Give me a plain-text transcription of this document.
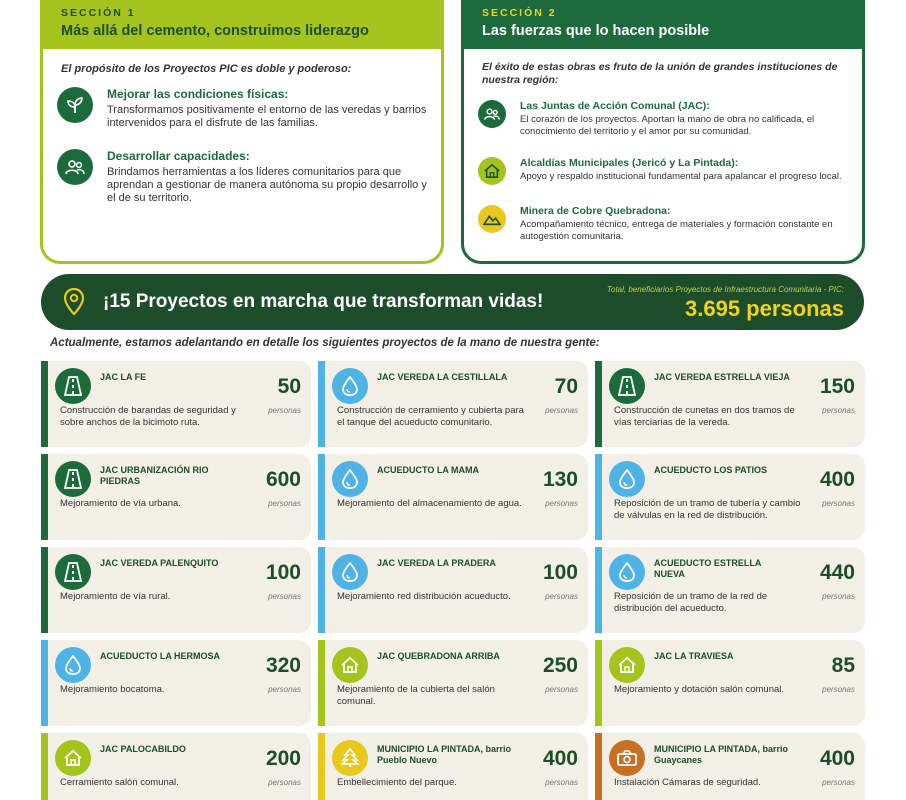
SECCIÓN 1
Más allá del cemento, construimos liderazgo
El propósito de los Proyectos PIC es doble y poderoso:
Mejorar las condiciones físicas:
Transformamos positivamente el entorno de las veredas y barrios intervenidos para el disfrute de las familias.
Desarrollar capacidades:
Brindamos herramientas a los líderes comunitarios para que aprendan a gestionar de manera autónoma su propio desarrollo y el de su territorio.
SECCIÓN 2
Las fuerzas que lo hacen posible
El éxito de estas obras es fruto de la unión de grandes instituciones de nuestra región:
Las Juntas de Acción Comunal (JAC):
El corazón de los proyectos. Aportan la mano de obra no calificada, el conocimiento del territorio y el amor por su comunidad.
Alcaldías Municipales (Jericó y La Pintada):
Apoyo y respaldo institucional fundamental para apalancar el progreso local.
Minera de Cobre Quebradona:
Acompañamiento técnico, entrega de materiales y formación constante en autogestión comunitaria.
¡15 Proyectos en marcha que transforman vidas!
Total, beneficiarios Proyectos de Infraestructura Comunitaria - PIC:
3.695 personas
Actualmente, estamos adelantando en detalle los siguientes proyectos de la mano de nuestra gente:
JAC LA FE	50
personas
Construcción de barandas de seguridad y sobre anchos de la bicimoto ruta.
JAC VEREDA LA CESTILLALA	70
personas
Construcción de cerramiento y cubierta para el tanque del acueducto comunitario.
JAC VEREDA ESTRELLA VIEJA 150
personas
Construcción de cunetas en dos tramos de vías terciarias de la vereda.
JAC URBANIZACIÓN RIO PIEDRAS	600
personas
Mejoramiento de vía urbana.
ACUEDUCTO LA MAMA	130
personas
Mejoramiento del almacenamiento de agua.
ACUEDUCTO LOS PATIOS	400
personas
Reposición de un tramo de tubería y cambio de válvulas en la red de distribución.
JAC VEREDA PALENQUITO	100
personas
Mejoramiento de vía rural.
JAC VEREDA LA PRADERA	100
personas
Mejoramiento red distribución acueducto.
ACUEDUCTO ESTRELLA NUEVA	440
personas
Reposición de un tramo de la red de distribución del acueducto.
ACUEDUCTO LA HERMOSA	320
personas
Mejoramiento bocatoma.
JAC QUEBRADONA ARRIBA	250
personas
Mejoramiento de la cubierta del salón comunal.
JAC LA TRAVIESA	85
personas
Mejoramiento y dotación salón comunal.
JAC PALOCABILDO	200
personas
Cerramiento salón comunal.
MUNICIPIO LA PINTADA, barrio Pueblo Nuevo	400
personas
Embellecimiento del parque.
MUNICIPIO LA PINTADA, barrio Guaycanes	400
personas
Instalación Cámaras de seguridad.
